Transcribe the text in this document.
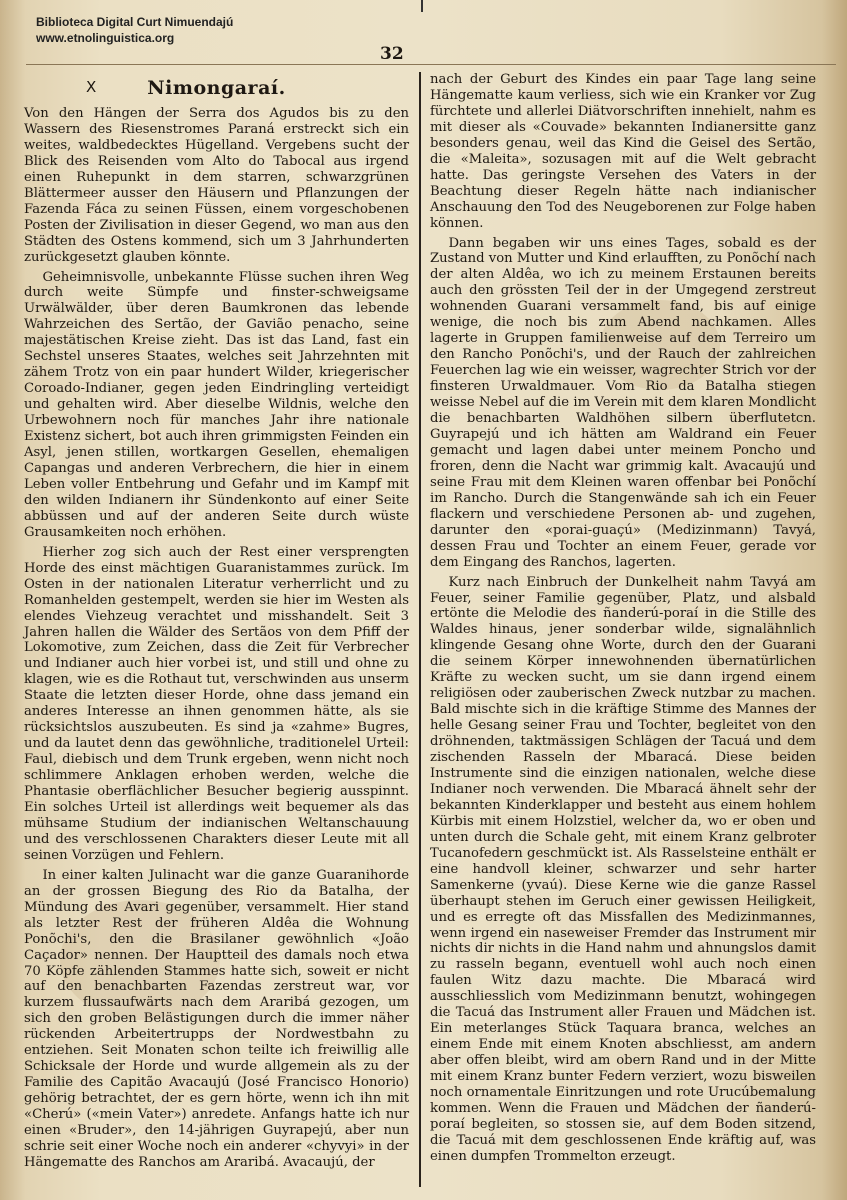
Biblioteca Digital Curt Nimuendajú
www.etnolinguistica.org
32
X	Nimongaraí.

Von den Hängen der Serra dos Agudos bis zu den Wassern des Riesenstromes Paraná erstreckt sich ein weites, waldbedecktes Hügelland. Vergebens sucht der Blick des Reisenden vom Alto do Tabocal aus irgend einen Ruhepunkt in dem starren, schwarzgrünen Blättermeer ausser den Häusern und Pflanzungen der Fazenda Fáca zu seinen Füssen, einem vorgeschobenen Posten der Zivilisation in dieser Gegend, wo man aus den Städten des Ostens kommend, sich um 3 Jahrhunderten zurückgesetzt glauben könnte.

Geheimnisvolle, unbekannte Flüsse suchen ihren Weg durch weite Sümpfe und finster-schweigsame Urwälwälder, über deren Baumkronen das lebende Wahrzeichen des Sertão, der Gavião penacho, seine majestätischen Kreise zieht. Das ist das Land, fast ein Sechstel unseres Staates, welches seit Jahrzehnten mit zähem Trotz von ein paar hundert Wilder, kriegerischer Coroado-Indianer, gegen jeden Eindringling verteidigt und gehalten wird. Aber dieselbe Wildnis, welche den Urbewohnern noch für manches Jahr ihre nationale Existenz sichert, bot auch ihren grimmigsten Feinden ein Asyl, jenen stillen, wortkargen Gesellen, ehemaligen Capangas und anderen Verbrechern, die hier in einem Leben voller Entbehrung und Gefahr und im Kampf mit den wilden Indianern ihr Sündenkonto auf einer Seite abbüssen und auf der anderen Seite durch wüste Grausamkeiten noch erhöhen.

Hierher zog sich auch der Rest einer versprengten Horde des einst mächtigen Guaranistammes zurück. Im Osten in der nationalen Literatur verherrlicht und zu Romanhelden gestempelt, werden sie hier im Westen als elendes Viehzeug verachtet und misshandelt. Seit 3 Jahren hallen die Wälder des Sertãos von dem Pfiff der Lokomotive, zum Zeichen, dass die Zeit für Verbrecher und Indianer auch hier vorbei ist, und still und ohne zu klagen, wie es die Rothaut tut, verschwinden aus unserm Staate die letzten dieser Horde, ohne dass jemand ein anderes Interesse an ihnen genommen hätte, als sie rücksichtslos auszubeuten. Es sind ja «zahme» Bugres, und da lautet denn das gewöhnliche, traditionelel Urteil: Faul, diebisch und dem Trunk ergeben, wenn nicht noch schlimmere Anklagen erhoben werden, welche die Phantasie oberflächlicher Besucher begierig ausspinnt. Ein solches Urteil ist allerdings weit bequemer als das mühsame Studium der indianischen Weltanschauung und des verschlossenen Charakters dieser Leute mit all seinen Vorzügen und Fehlern.

In einer kalten Julinacht war die ganze Guaranihorde an der grossen Biegung des Rio da Batalha, der Mündung des Avari gegenüber, versammelt. Hier stand als letzter Rest der früheren Aldêa die Wohnung Ponõchi's, den die Brasilaner gewöhnlich «João Caçador» nennen. Der Hauptteil des damals noch etwa 70 Köpfe zählenden Stammes hatte sich, soweit er nicht auf den benachbarten Fazendas zerstreut war, vor kurzem flussaufwärts nach dem Araribá gezogen, um sich den groben Belästigungen durch die immer näher rückenden Arbeitertrupps der Nordwestbahn zu entziehen. Seit Monaten schon teilte ich freiwillig alle Schicksale der Horde und wurde allgemein als zu der Familie des Capitão Avacaujú (José Francisco Honorio) gehörig betrachtet, der es gern hörte, wenn ich ihn mit «Cherú» («mein Vater») anredete. Anfangs hatte ich nur einen «Bruder», den 14-jährigen Guyrapejú, aber nun schrie seit einer Woche noch ein anderer «chyvyi» in der Hängematte des Ranchos am Araribá. Avacaujú, der

nach der Geburt des Kindes ein paar Tage lang seine Hängematte kaum verliess, sich wie ein Kranker vor Zug fürchtete und allerlei Diätvorschriften innehielt, nahm es mit dieser als «Couvade» bekannten Indianersitte ganz besonders genau, weil das Kind die Geisel des Sertão, die «Maleita», sozusagen mit auf die Welt gebracht hatte. Das geringste Versehen des Vaters in der Beachtung dieser Regeln hätte nach indianischer Anschauung den Tod des Neugeborenen zur Folge haben können.

Dann begaben wir uns eines Tages, sobald es der Zustand von Mutter und Kind erlaufften, zu Ponõchí nach der alten Aldêa, wo ich zu meinem Erstaunen bereits auch den grössten Teil der in der Umgegend zerstreut wohnenden Guarani versammelt fand, bis auf einige wenige, die noch bis zum Abend nachkamen. Alles lagerte in Gruppen familienweise auf dem Terreiro um den Rancho Ponõchi's, und der Rauch der zahlreichen Feuerchen lag wie ein weisser, wagrechter Strich vor der finsteren Urwaldmauer. Vom Rio da Batalha stiegen weisse Nebel auf die im Verein mit dem klaren Mondlicht die benachbarten Waldhöhen silbern überflutetcn. Guyrapejú und ich hätten am Waldrand ein Feuer gemacht und lagen dabei unter meinem Poncho und froren, denn die Nacht war grimmig kalt. Avacaujú und seine Frau mit dem Kleinen waren offenbar bei Ponõchí im Rancho. Durch die Stangenwände sah ich ein Feuer flackern und verschiedene Personen ab- und zugehen, darunter den «porai-guaçú» (Medizinmann) Tavyá, dessen Frau und Tochter an einem Feuer, gerade vor dem Eingang des Ranchos, lagerten.

Kurz nach Einbruch der Dunkelheit nahm Tavyá am Feuer, seiner Familie gegenüber, Platz, und alsbald ertönte die Melodie des ñanderú-poraí in die Stille des Waldes hinaus, jener sonderbar wilde, signalähnlich klingende Gesang ohne Worte, durch den der Guarani die seinem Körper innewohnenden übernatürlichen Kräfte zu wecken sucht, um sie dann irgend einem religiösen oder zauberischen Zweck nutzbar zu machen. Bald mischte sich in die kräftige Stimme des Mannes der helle Gesang seiner Frau und Tochter, begleitet von den dröhnenden, taktmässigen Schlägen der Tacuá und dem zischenden Rasseln der Mbaracá. Diese beiden Instrumente sind die einzigen nationalen, welche diese Indianer noch verwenden. Die Mbaracá ähnelt sehr der bekannten Kinderklapper und besteht aus einem hohlem Kürbis mit einem Holzstiel, welcher da, wo er oben und unten durch die Schale geht, mit einem Kranz gelbroter Tucanofedern geschmückt ist. Als Rasselsteine enthält er eine handvoll kleiner, schwarzer und sehr harter Samenkerne (yvaú). Diese Kerne wie die ganze Rassel überhaupt stehen im Geruch einer gewissen Heiligkeit, und es erregte oft das Missfallen des Medizinmannes, wenn irgend ein naseweiser Fremder das Instrument mir nichts dir nichts in die Hand nahm und ahnungslos damit zu rasseln begann, eventuell wohl auch noch einen faulen Witz dazu machte. Die Mbaracá wird ausschliesslich vom Medizinmann benutzt, wohingegen die Tacuá das Instrument aller Frauen und Mädchen ist. Ein meterlanges Stück Taquara branca, welches an einem Ende mit einem Knoten abschliesst, am andern aber offen bleibt, wird am obern Rand und in der Mitte mit einem Kranz bunter Federn verziert, wozu bisweilen noch ornamentale Einritzungen und rote Urucúbemalung kommen. Wenn die Frauen und Mädchen der ñanderú-poraí begleiten, so stossen sie, auf dem Boden sitzend, die Tacuá mit dem geschlossenen Ende kräftig auf, was einen dumpfen Trommelton erzeugt.
